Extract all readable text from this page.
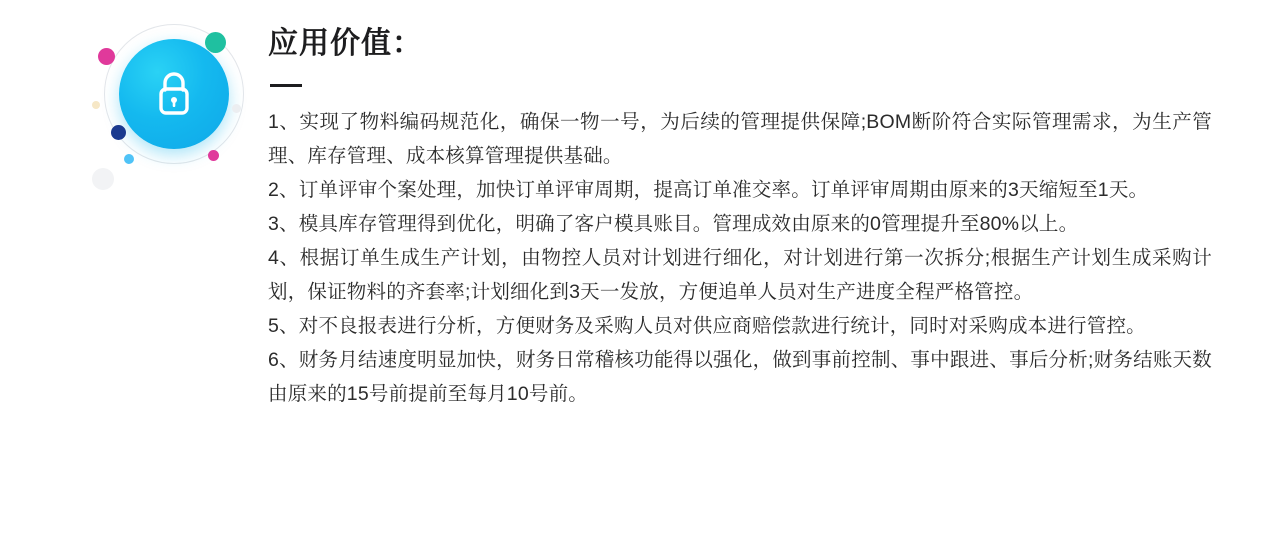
应用价值：
1、实现了物料编码规范化，确保一物一号，为后续的管理提供保障;BOM断阶符合实际管理需求，为生产管理、库存管理、成本核算管理提供基础。
2、订单评审个案处理，加快订单评审周期，提高订单准交率。订单评审周期由原来的3天缩短至1天。
3、模具库存管理得到优化，明确了客户模具账目。管理成效由原来的0管理提升至80%以上。
4、根据订单生成生产计划，由物控人员对计划进行细化，对计划进行第一次拆分;根据生产计划生成采购计划，保证物料的齐套率;计划细化到3天一发放，方便追单人员对生产进度全程严格管控。
5、对不良报表进行分析，方便财务及采购人员对供应商赔偿款进行统计，同时对采购成本进行管控。
6、财务月结速度明显加快，财务日常稽核功能得以强化，做到事前控制、事中跟进、事后分析;财务结账天数由原来的15号前提前至每月10号前。
